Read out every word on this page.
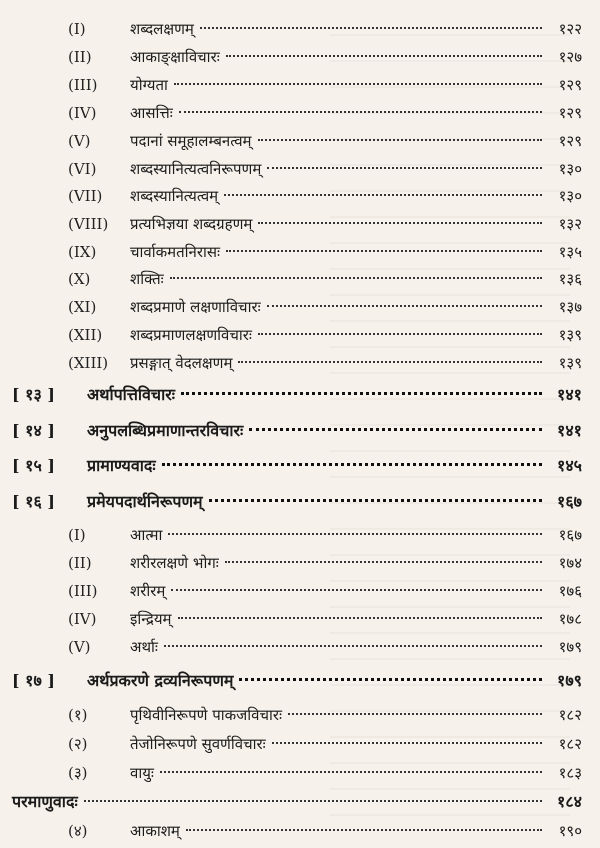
(I)	शब्दलक्षणम्	१२२
(II)	आकाङ्क्षाविचारः	१२७
(III)	योग्यता	१२९
(IV)	आसत्तिः	१२९
(V)	पदानां समूहालम्बनत्वम्	१२९
(VI)	शब्दस्यानित्यत्वनिरूपणम्	१३०
(VII)	शब्दस्यानित्यत्वम्	१३०
(VIII)	प्रत्यभिज्ञया शब्दग्रहणम्	१३२
(IX)	चार्वाकमतनिरासः	१३५
(X)	शक्तिः	१३६
(XI)	शब्दप्रमाणे लक्षणाविचारः	१३७
(XII)	शब्दप्रमाणलक्षणविचारः	१३९
(XIII)	प्रसङ्गात् वेदलक्षणम्	१३९
[ १३ ]	अर्थापत्तिविचारः	१४१
[ १४ ]	अनुपलब्धिप्रमाणान्तरविचारः	१४१
[ १५ ]	प्रामाण्यवादः	१४५
[ १६ ]	प्रमेयपदार्थनिरूपणम्	१६७
(I)	आत्मा	१६७
(II)	शरीरलक्षणे भोगः	१७४
(III)	शरीरम्	१७६
(IV)	इन्द्रियम्	१७८
(V)	अर्थाः	१७९
[ १७ ]	अर्थप्रकरणे द्रव्यनिरूपणम्	१७९
(१)	पृथिवीनिरूपणे पाकजविचारः	१८२
(२)	तेजोनिरूपणे सुवर्णविचारः	१८२
(३)	वायुः	१८३
परमाणुवादः	१८४
(४)	आकाशम्	१९०
